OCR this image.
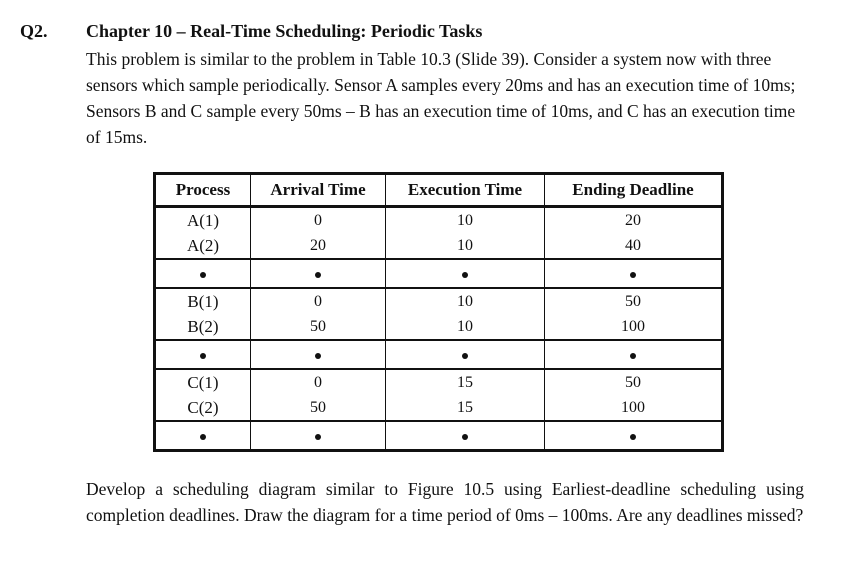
Q2. Chapter 10 – Real-Time Scheduling: Periodic Tasks

This problem is similar to the problem in Table 10.3 (Slide 39). Consider a system now with three sensors which sample periodically. Sensor A samples every 20ms and has an execution time of 10ms; Sensors B and C sample every 50ms – B has an execution time of 10ms, and C has an execution time of 15ms.

Process	Arrival Time	Execution Time	Ending Deadline
A(1)	0	10	20
A(2)	20	10	40

B(1)	0	10	50
B(2)	50	10	100

C(1)	0	15	50
C(2)	50	15	100

Develop a scheduling diagram similar to Figure 10.5 using Earliest-deadline scheduling using completion deadlines. Draw the diagram for a time period of 0ms – 100ms. Are any deadlines missed?
